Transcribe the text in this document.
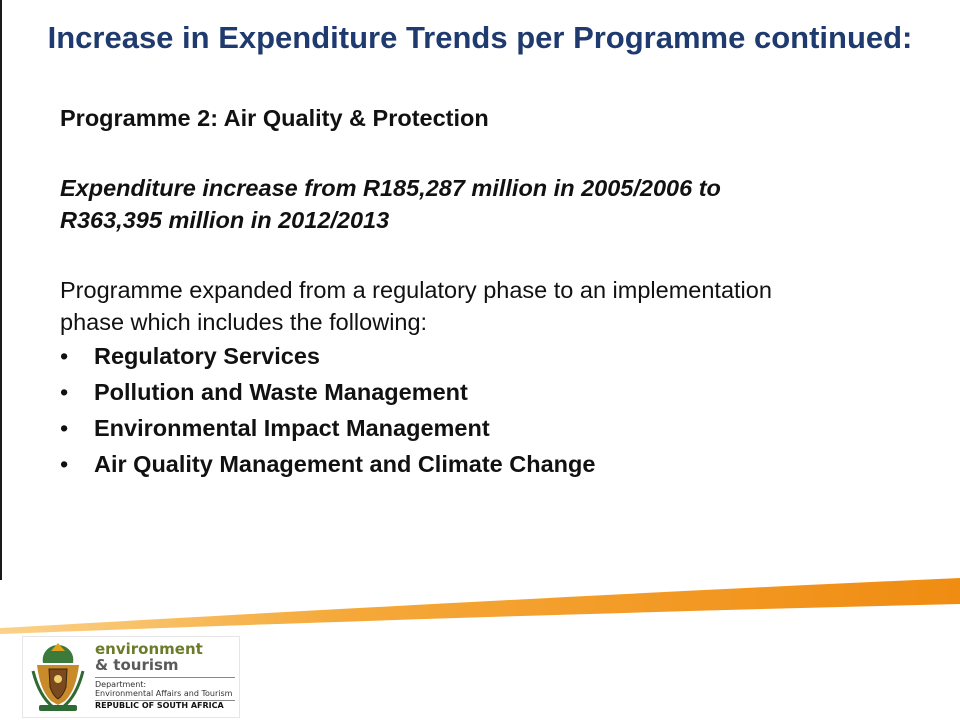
Increase in Expenditure Trends per Programme continued:

Programme 2: Air Quality & Protection

Expenditure increase from R185,287 million in 2005/2006 to R363,395 million in 2012/2013

Programme expanded from a regulatory phase to an implementation phase which includes the following:

• Regulatory Services
• Pollution and Waste Management
• Environmental Impact Management
• Air Quality Management and Climate Change
environment
& tourism
Department:
Environmental Affairs and Tourism
REPUBLIC OF SOUTH AFRICA
